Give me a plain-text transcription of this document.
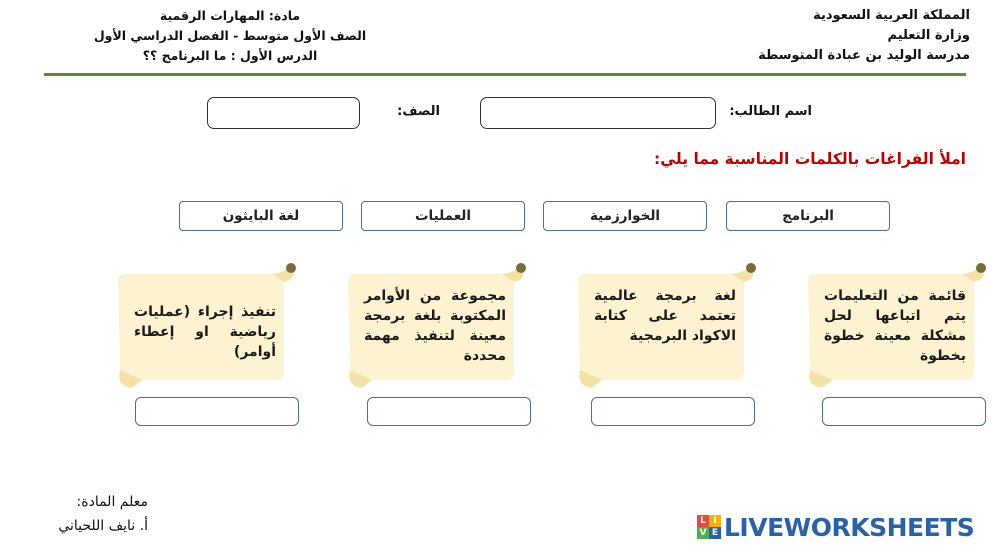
المملكة العربية السعودية
وزارة التعليم
مدرسة الوليد بن عبادة المتوسطة
مادة: المهارات الرقمية
الصف الأول متوسط - الفصل الدراسي الأول
الدرس الأول : ما البرنامج ؟؟
اسم الطالب:
الصف:
املأ الفراغات بالكلمات المناسبة مما يلي:
البرنامج
الخوارزمية
العمليات
لغة البايثون
قائمة من التعليمات يتم اتباعها لحل مشكلة معينة خطوة بخطوة
لغة برمجة عالمية تعتمد على كتابة الاكواد البرمجية
مجموعة من الأوامر المكتوبة بلغة برمجة معينة لتنفيذ مهمة محددة
تنفيذ إجراء (عمليات رياضية او إعطاء أوامر)
معلم المادة:
أ. نايف اللحياني	L I
V E LIVEWORKSHEETS
